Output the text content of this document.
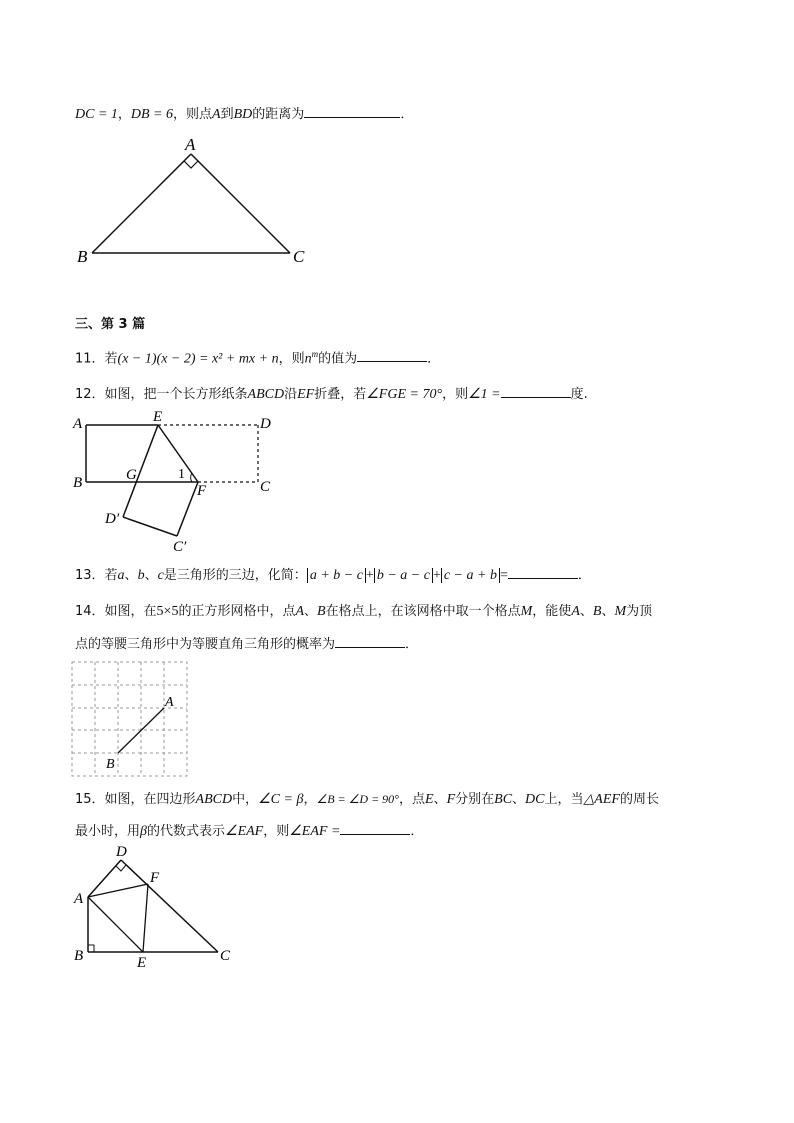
DC = 1，DB = 6，则点A到BD的距离为	．
A
B	C
三、第 3 篇
11．若(x − 1)(x − 2) = x² + mx + n，则$n^m$的值为	．
12．如图，把一个长方形纸条ABCD沿EF折叠，若∠FGE = 70°，则∠1 =	度.
A	E	D
B	G	1
F	C
D′
C′
13．若a、b、c是三角形的三边，化简： a + b − c + b − a − c + c − a + b =	．
14．如图，在5×5的正方形网格中，点A、B在格点上，在该网格中取一个格点M，能使A、B、M为顶
点的等腰三角形中为等腰直角三角形的概率为	．
A
B
15．如图，在四边形ABCD中，∠C = β，∠B = ∠D = 90°，点E、F分别在BC、DC上，当△AEF的周长
最小时，用β的代数式表示∠EAF，则∠EAF =	．
D
F
A
B	E	C
